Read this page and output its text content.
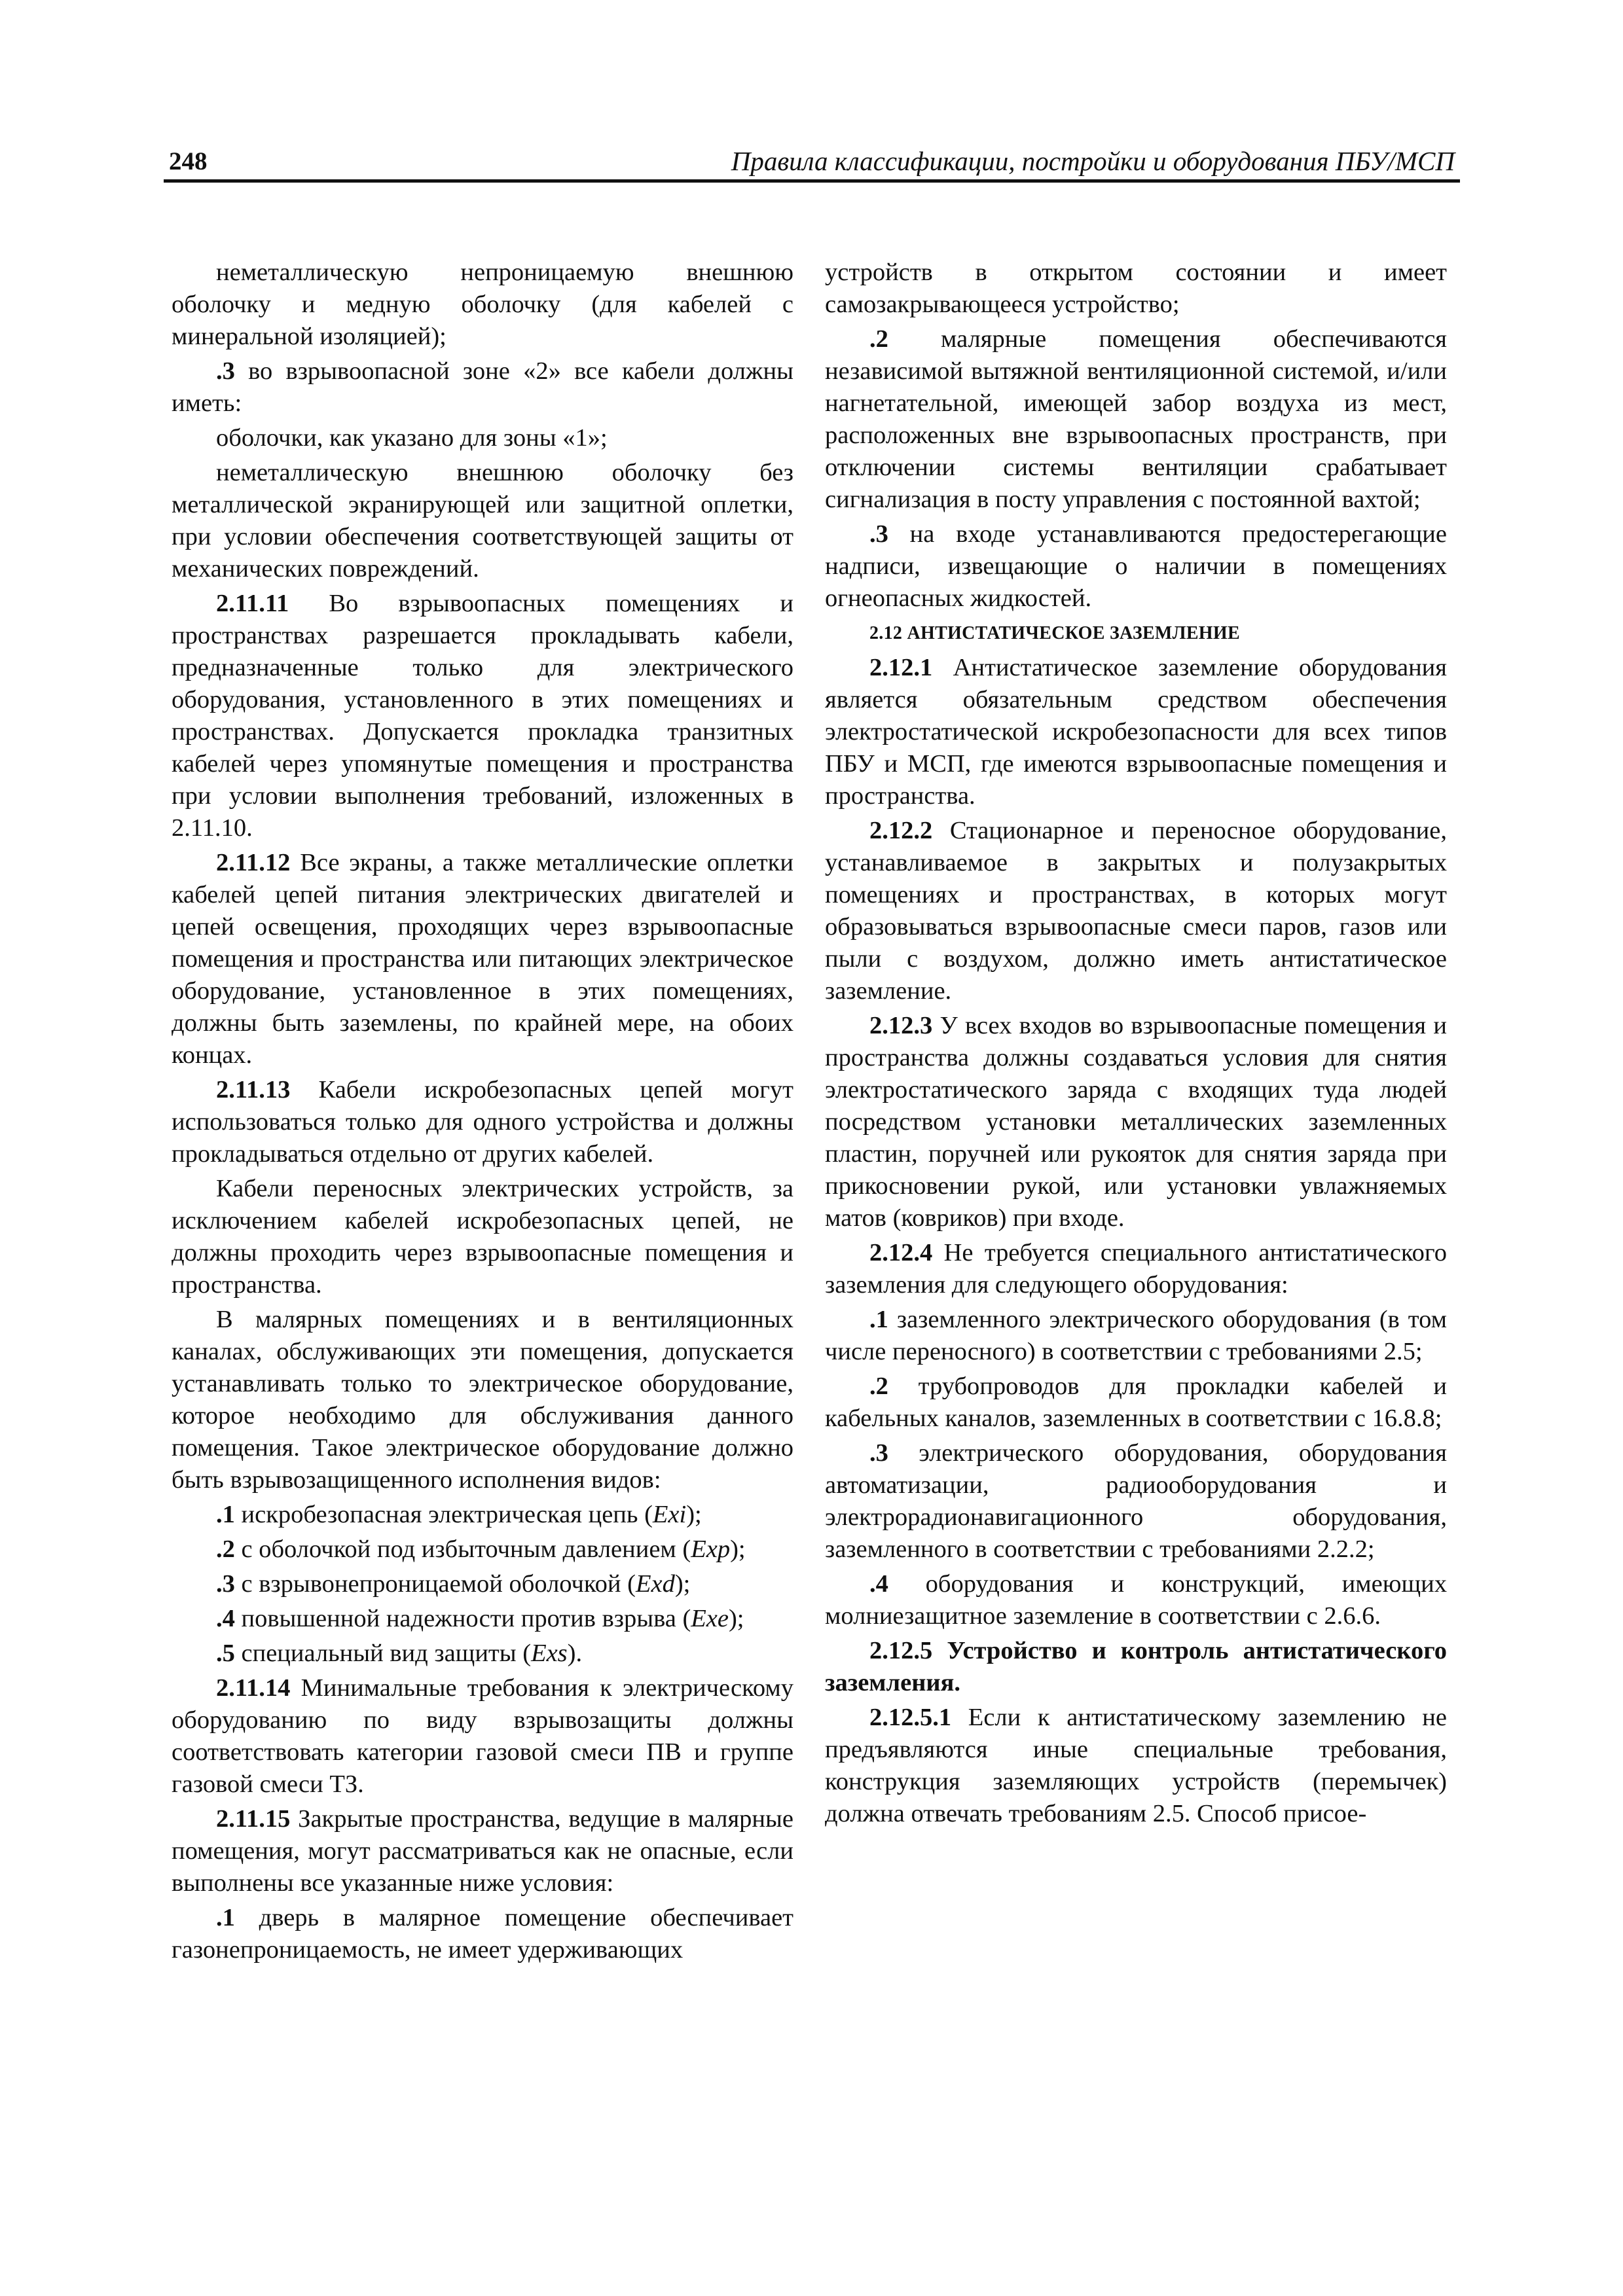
248	Правила классификации, постройки и оборудования ПБУ/МСП

неметаллическую непроницаемую внешнюю оболочку и медную оболочку (для кабелей с минеральной изоляцией);

.3 во взрывоопасной зоне «2» все кабели должны иметь:

оболочки, как указано для зоны «1»;

неметаллическую внешнюю оболочку без металлической экранирующей или защитной оплетки, при условии обеспечения соответствующей защиты от механических повреждений.

2.11.11 Во взрывоопасных помещениях и пространствах разрешается прокладывать кабели, предназначенные только для электрического оборудования, установленного в этих помещениях и пространствах. Допускается прокладка транзитных кабелей через упомянутые помещения и пространства при условии выполнения требований, изложенных в 2.11.10.

2.11.12 Все экраны, а также металлические оплетки кабелей цепей питания электрических двигателей и цепей освещения, проходящих через взрывоопасные помещения и пространства или питающих электрическое оборудование, установленное в этих помещениях, должны быть заземлены, по крайней мере, на обоих концах.

2.11.13 Кабели искробезопасных цепей могут использоваться только для одного устройства и должны прокладываться отдельно от других кабелей.

Кабели переносных электрических устройств, за исключением кабелей искробезопасных цепей, не должны проходить через взрывоопасные помещения и пространства.

В малярных помещениях и в вентиляционных каналах, обслуживающих эти помещения, допускается устанавливать только то электрическое оборудование, которое необходимо для обслуживания данного помещения. Такое электрическое оборудование должно быть взрывозащищенного исполнения видов:

.1 искробезопасная электрическая цепь (Exi);

.2 с оболочкой под избыточным давлением (Exp);

.3 с взрывонепроницаемой оболочкой (Exd);

.4 повышенной надежности против взрыва (Exe);

.5 специальный вид защиты (Exs).

2.11.14 Минимальные требования к электрическому оборудованию по виду взрывозащиты должны соответствовать категории газовой смеси ПВ и группе газовой смеси ТЗ.

2.11.15 Закрытые пространства, ведущие в малярные помещения, могут рассматриваться как не опасные, если выполнены все указанные ниже условия:

.1 дверь в малярное помещение обеспечивает газонепроницаемость, не имеет удерживающих

устройств в открытом состоянии и имеет самозакрывающееся устройство;

.2 малярные помещения обеспечиваются независимой вытяжной вентиляционной системой, и/или нагнетательной, имеющей забор воздуха из мест, расположенных вне взрывоопасных пространств, при отключении системы вентиляции срабатывает сигнализация в посту управления с постоянной вахтой;

.3 на входе устанавливаются предостерегающие надписи, извещающие о наличии в помещениях огнеопасных жидкостей.

2.12 АНТИСТАТИЧЕСКОЕ ЗАЗЕМЛЕНИЕ

2.12.1 Антистатическое заземление оборудования является обязательным средством обеспечения электростатической искробезопасности для всех типов ПБУ и МСП, где имеются взрывоопасные помещения и пространства.

2.12.2 Стационарное и переносное оборудование, устанавливаемое в закрытых и полузакрытых помещениях и пространствах, в которых могут образовываться взрывоопасные смеси паров, газов или пыли с воздухом, должно иметь антистатическое заземление.

2.12.3 У всех входов во взрывоопасные помещения и пространства должны создаваться условия для снятия электростатического заряда с входящих туда людей посредством установки металлических заземленных пластин, поручней или рукояток для снятия заряда при прикосновении рукой, или установки увлажняемых матов (ковриков) при входе.

2.12.4 Не требуется специального антистатического заземления для следующего оборудования:

.1 заземленного электрического оборудования (в том числе переносного) в соответствии с требованиями 2.5;

.2 трубопроводов для прокладки кабелей и кабельных каналов, заземленных в соответствии с 16.8.8;

.3 электрического оборудования, оборудования автоматизации, радиооборудования и электрорадионавигационного оборудования, заземленного в соответствии с требованиями 2.2.2;

.4 оборудования и конструкций, имеющих молниезащитное заземление в соответствии с 2.6.6.

2.12.5 Устройство и контроль антистатического заземления.

2.12.5.1 Если к антистатическому заземлению не предъявляются иные специальные требования, конструкция заземляющих устройств (перемычек) должна отвечать требованиям 2.5. Способ присое-
